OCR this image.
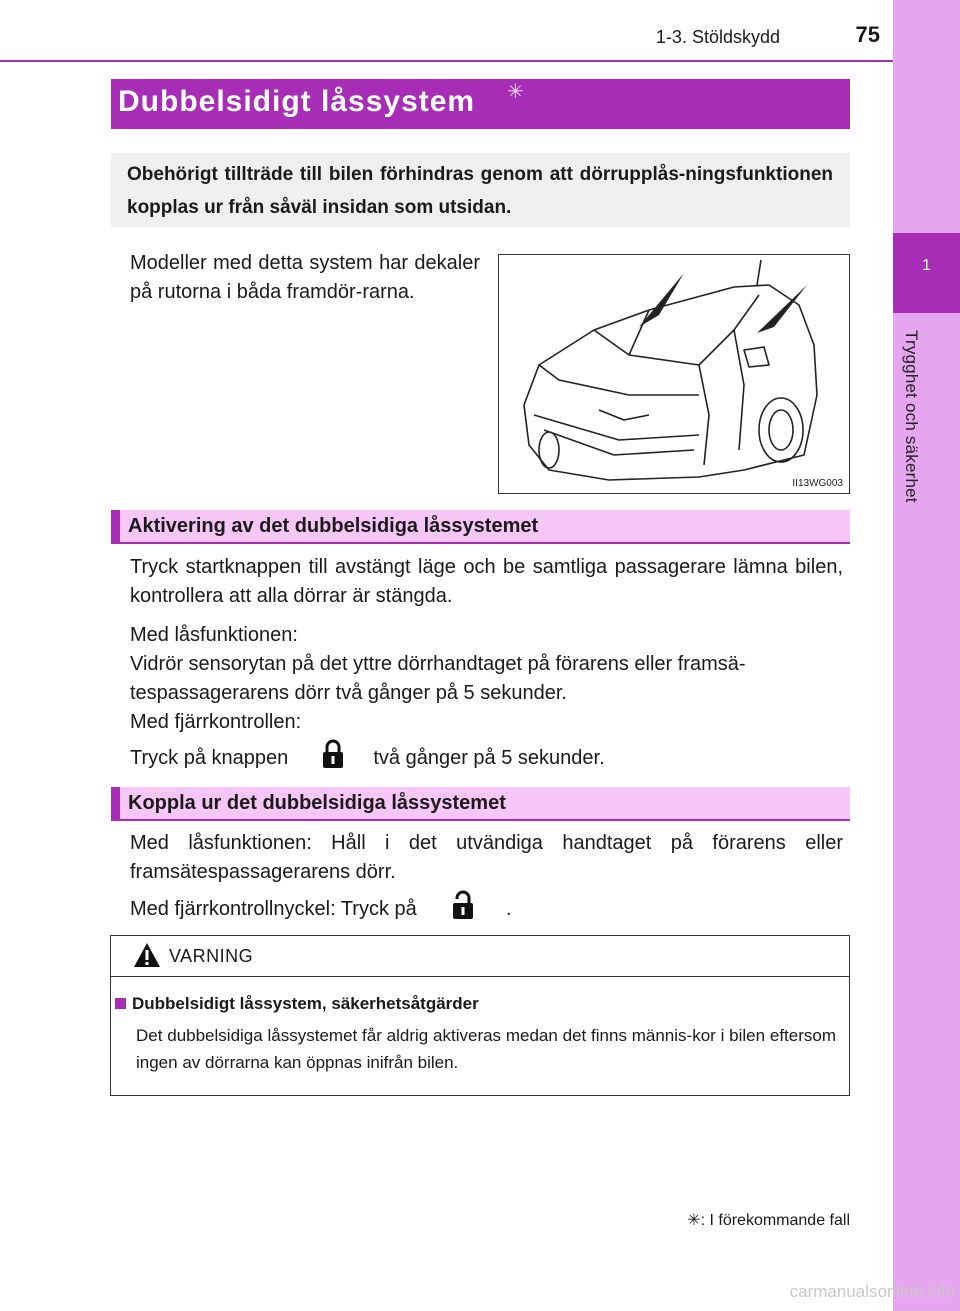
1
Trygghet och säkerhet
1-3. Stöldskydd	75
Dubbelsidigt låssystem ✳
Obehörigt tillträde till bilen förhindras genom att dörrupplås-ningsfunktionen kopplas ur från såväl insidan som utsidan.
Modeller med detta system har dekaler på rutorna i båda framdör-rarna.
II13WG003
Aktivering av det dubbelsidiga låssystemet
Tryck startknappen till avstängt läge och be samtliga passagerare lämna bilen, kontrollera att alla dörrar är stängda.
Med låsfunktionen:
Vidrör sensorytan på det yttre dörrhandtaget på förarens eller framsä-tespassagerarens dörr två gånger på 5 sekunder.
Med fjärrkontrollen:
Tryck på knappen	två gånger på 5 sekunder.
Koppla ur det dubbelsidiga låssystemet
Med låsfunktionen: Håll i det utvändiga handtaget på förarens eller framsätespassagerarens dörr.
Med fjärrkontrollnyckel: Tryck på	.
VARNING
Dubbelsidigt låssystem, säkerhetsåtgärder
Det dubbelsidiga låssystemet får aldrig aktiveras medan det finns männis-kor i bilen eftersom ingen av dörrarna kan öppnas inifrån bilen.
✳: I förekommande fall
carmanualsonline.info
